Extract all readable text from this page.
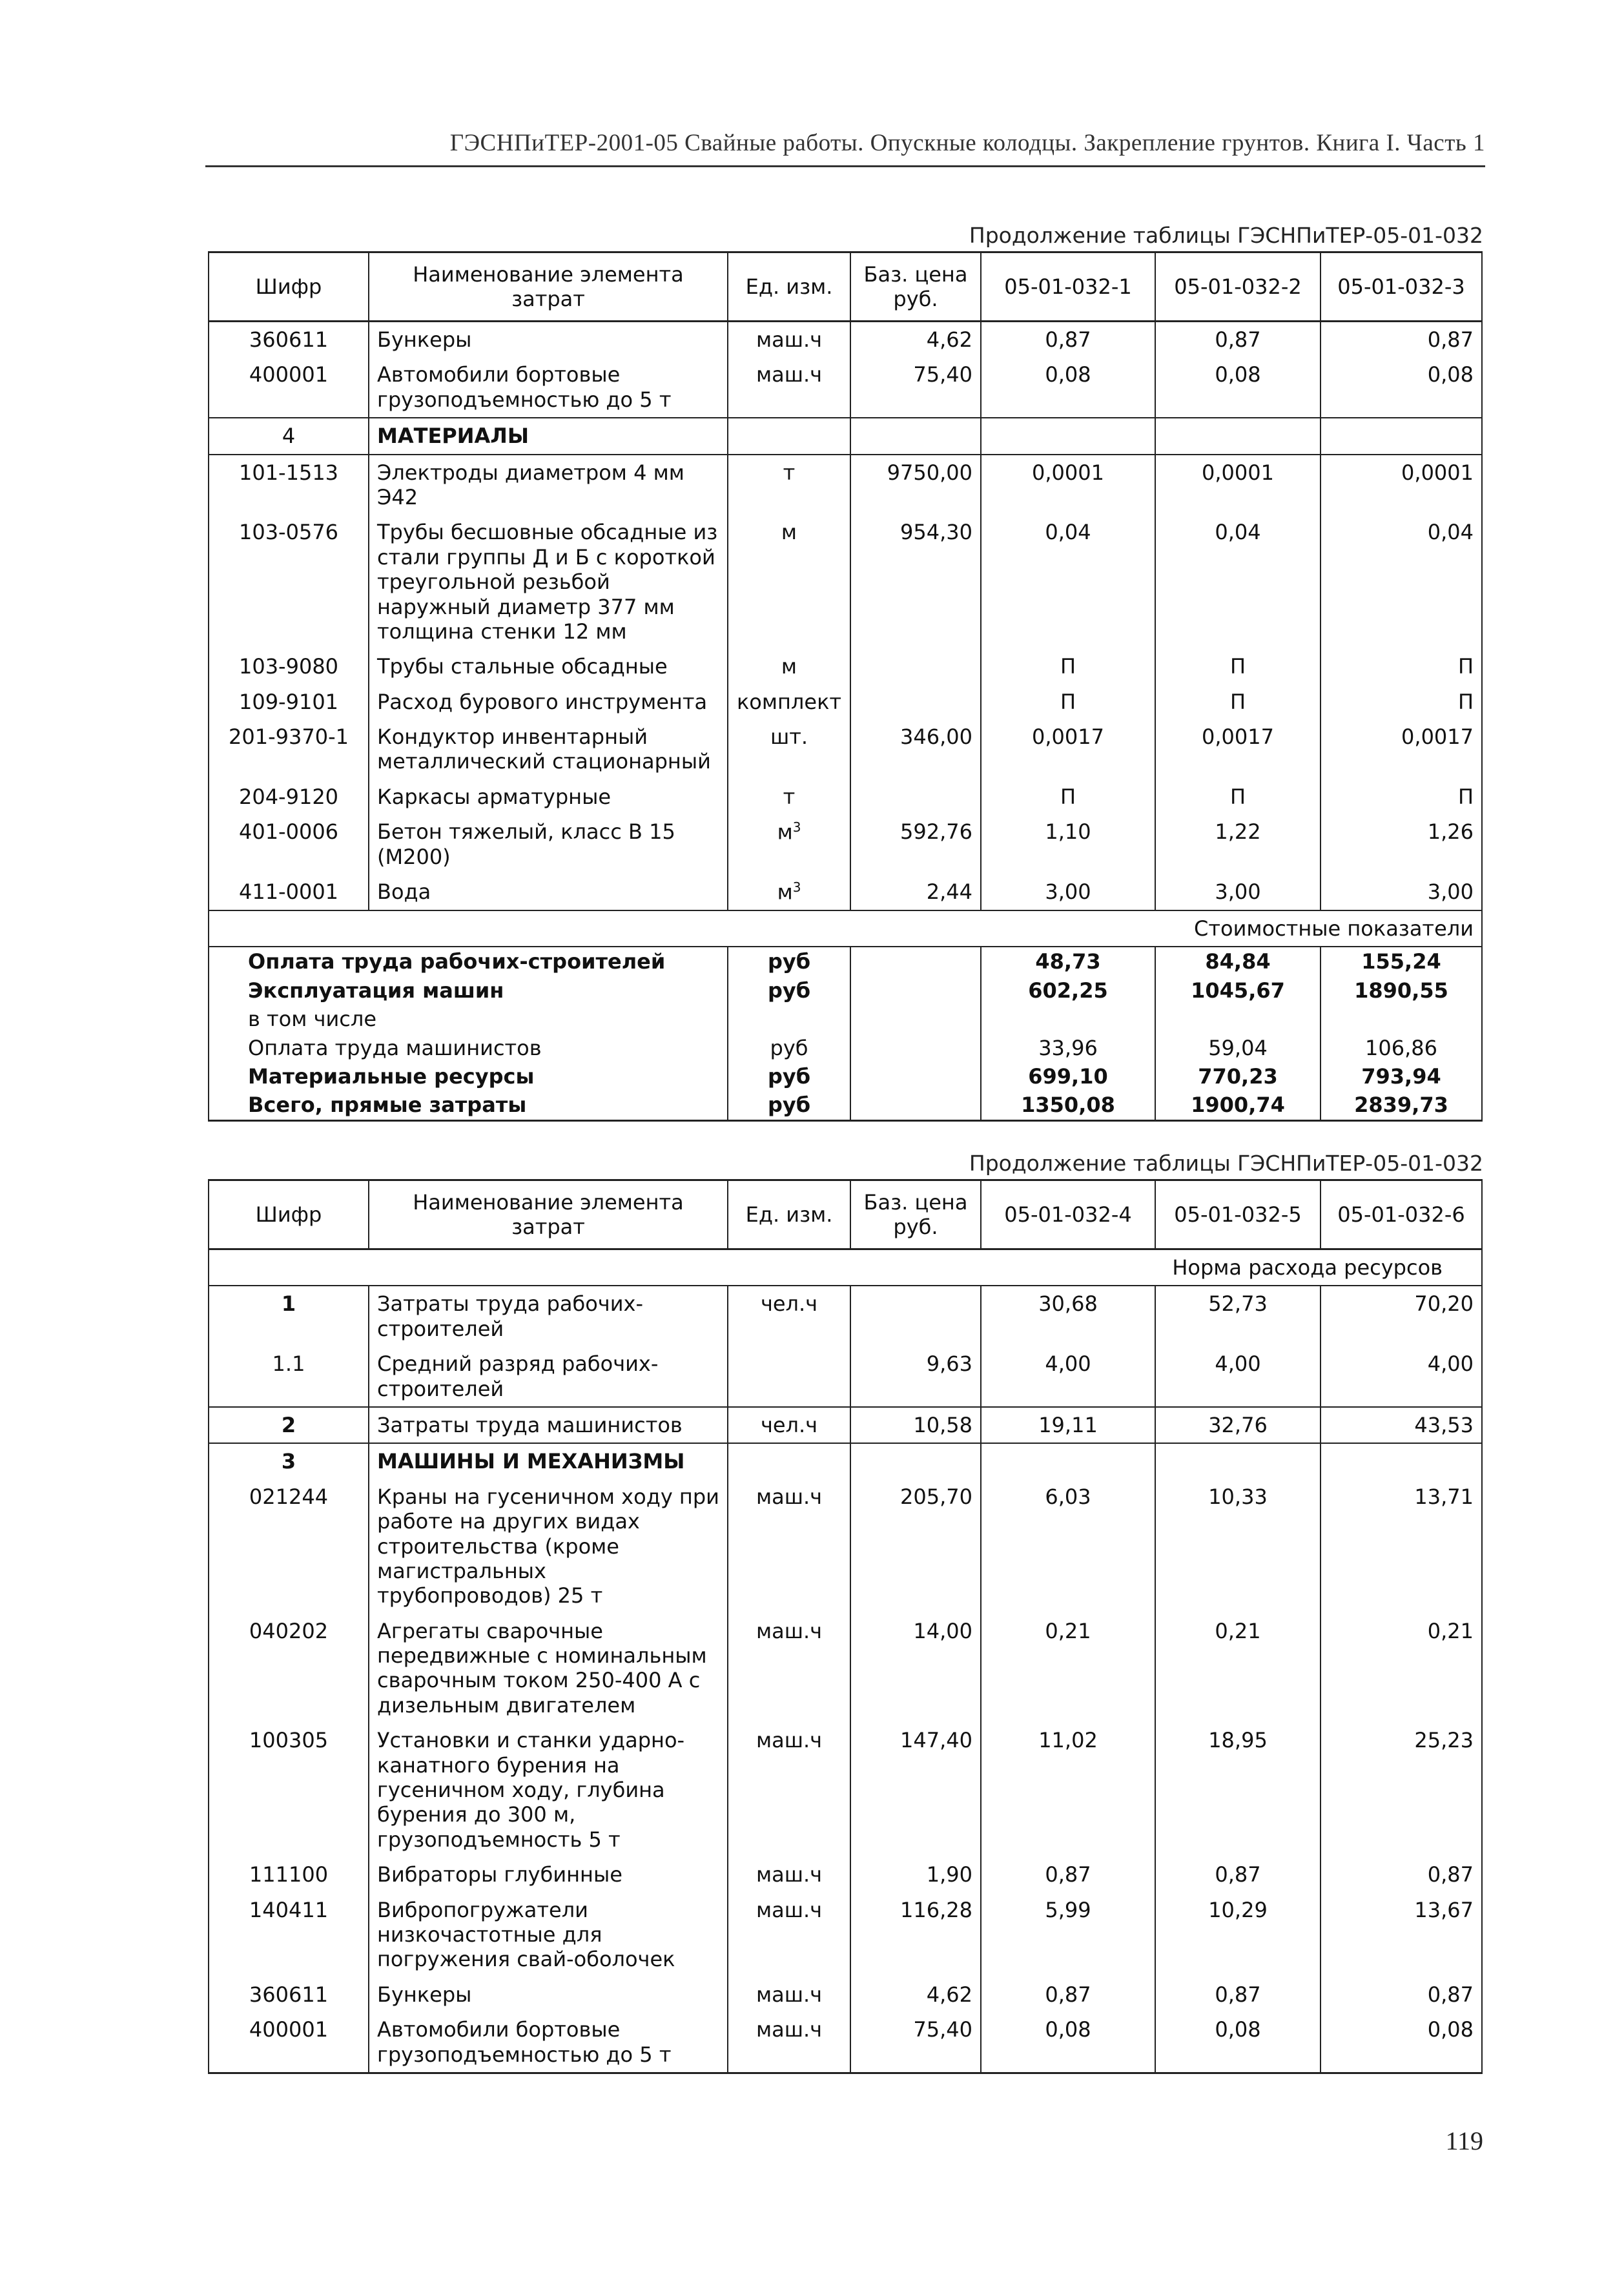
ГЭСНПиТЕР-2001-05 Свайные работы. Опускные колодцы. Закрепление грунтов. Книга I. Часть 1
Продолжение таблицы ГЭСНПиТЕР-05-01-032
Шифр	Наименование элемента затрат	Ед. изм.	Баз. цена руб.	05-01-032-1	05-01-032-2	05-01-032-3
360611	Бункеры	маш.ч	4,62	0,87	0,87	0,87
400001	Автомобили бортовые грузоподъемностью до 5 т	маш.ч	75,40	0,08	0,08	0,08
4	МАТЕРИАЛЫ					
101-1513	Электроды диаметром 4 мм Э42	т	9750,00	0,0001	0,0001	0,0001
103-0576	Трубы бесшовные обсадные из стали группы Д и Б с короткой треугольной резьбой наружный диаметр 377 мм толщина стенки 12 мм	м	954,30	0,04	0,04	0,04
103-9080	Трубы стальные обсадные	м		П	П	П
109-9101	Расход бурового инструмента	комплект		П	П	П
201-9370-1	Кондуктор инвентарный металлический стационарный	шт.	346,00	0,0017	0,0017	0,0017
204-9120	Каркасы арматурные	т		П	П	П
401-0006	Бетон тяжелый, класс В 15 (М200)	$м^3$	592,76	1,10	1,22	1,26
411-0001	Вода	$м^3$	2,44	3,00	3,00	3,00
Стоимостные показатели						
Оплата труда рабочих-строителей		руб		48,73	84,84	155,24
Эксплуатация машин		руб		602,25	1045,67	1890,55
в том числе						
Оплата труда машинистов		руб		33,96	59,04	106,86
Материальные ресурсы		руб		699,10	770,23	793,94
Всего, прямые затраты		руб		1350,08	1900,74	2839,73
Продолжение таблицы ГЭСНПиТЕР-05-01-032
Шифр	Наименование элемента затрат	Ед. изм.	Баз. цена руб.	05-01-032-4	05-01-032-5	05-01-032-6
Норма расхода ресурсов						
1	Затраты труда рабочих-строителей	чел.ч		30,68	52,73	70,20
1.1	Средний разряд рабочих-строителей		9,63	4,00	4,00	4,00
2	Затраты труда машинистов	чел.ч	10,58	19,11	32,76	43,53
3	МАШИНЫ И МЕХАНИЗМЫ					
021244	Краны на гусеничном ходу при работе на других видах строительства (кроме магистральных трубопроводов) 25 т	маш.ч	205,70	6,03	10,33	13,71
040202	Агрегаты сварочные передвижные с номинальным сварочным током 250-400 А с дизельным двигателем	маш.ч	14,00	0,21	0,21	0,21
100305	Установки и станки ударно-канатного бурения на гусеничном ходу, глубина бурения до 300 м, грузоподъемность 5 т	маш.ч	147,40	11,02	18,95	25,23
111100	Вибраторы глубинные	маш.ч	1,90	0,87	0,87	0,87
140411	Вибропогружатели низкочастотные для погружения свай-оболочек	маш.ч	116,28	5,99	10,29	13,67
360611	Бункеры	маш.ч	4,62	0,87	0,87	0,87
400001	Автомобили бортовые грузоподъемностью до 5 т	маш.ч	75,40	0,08	0,08	0,08
119
